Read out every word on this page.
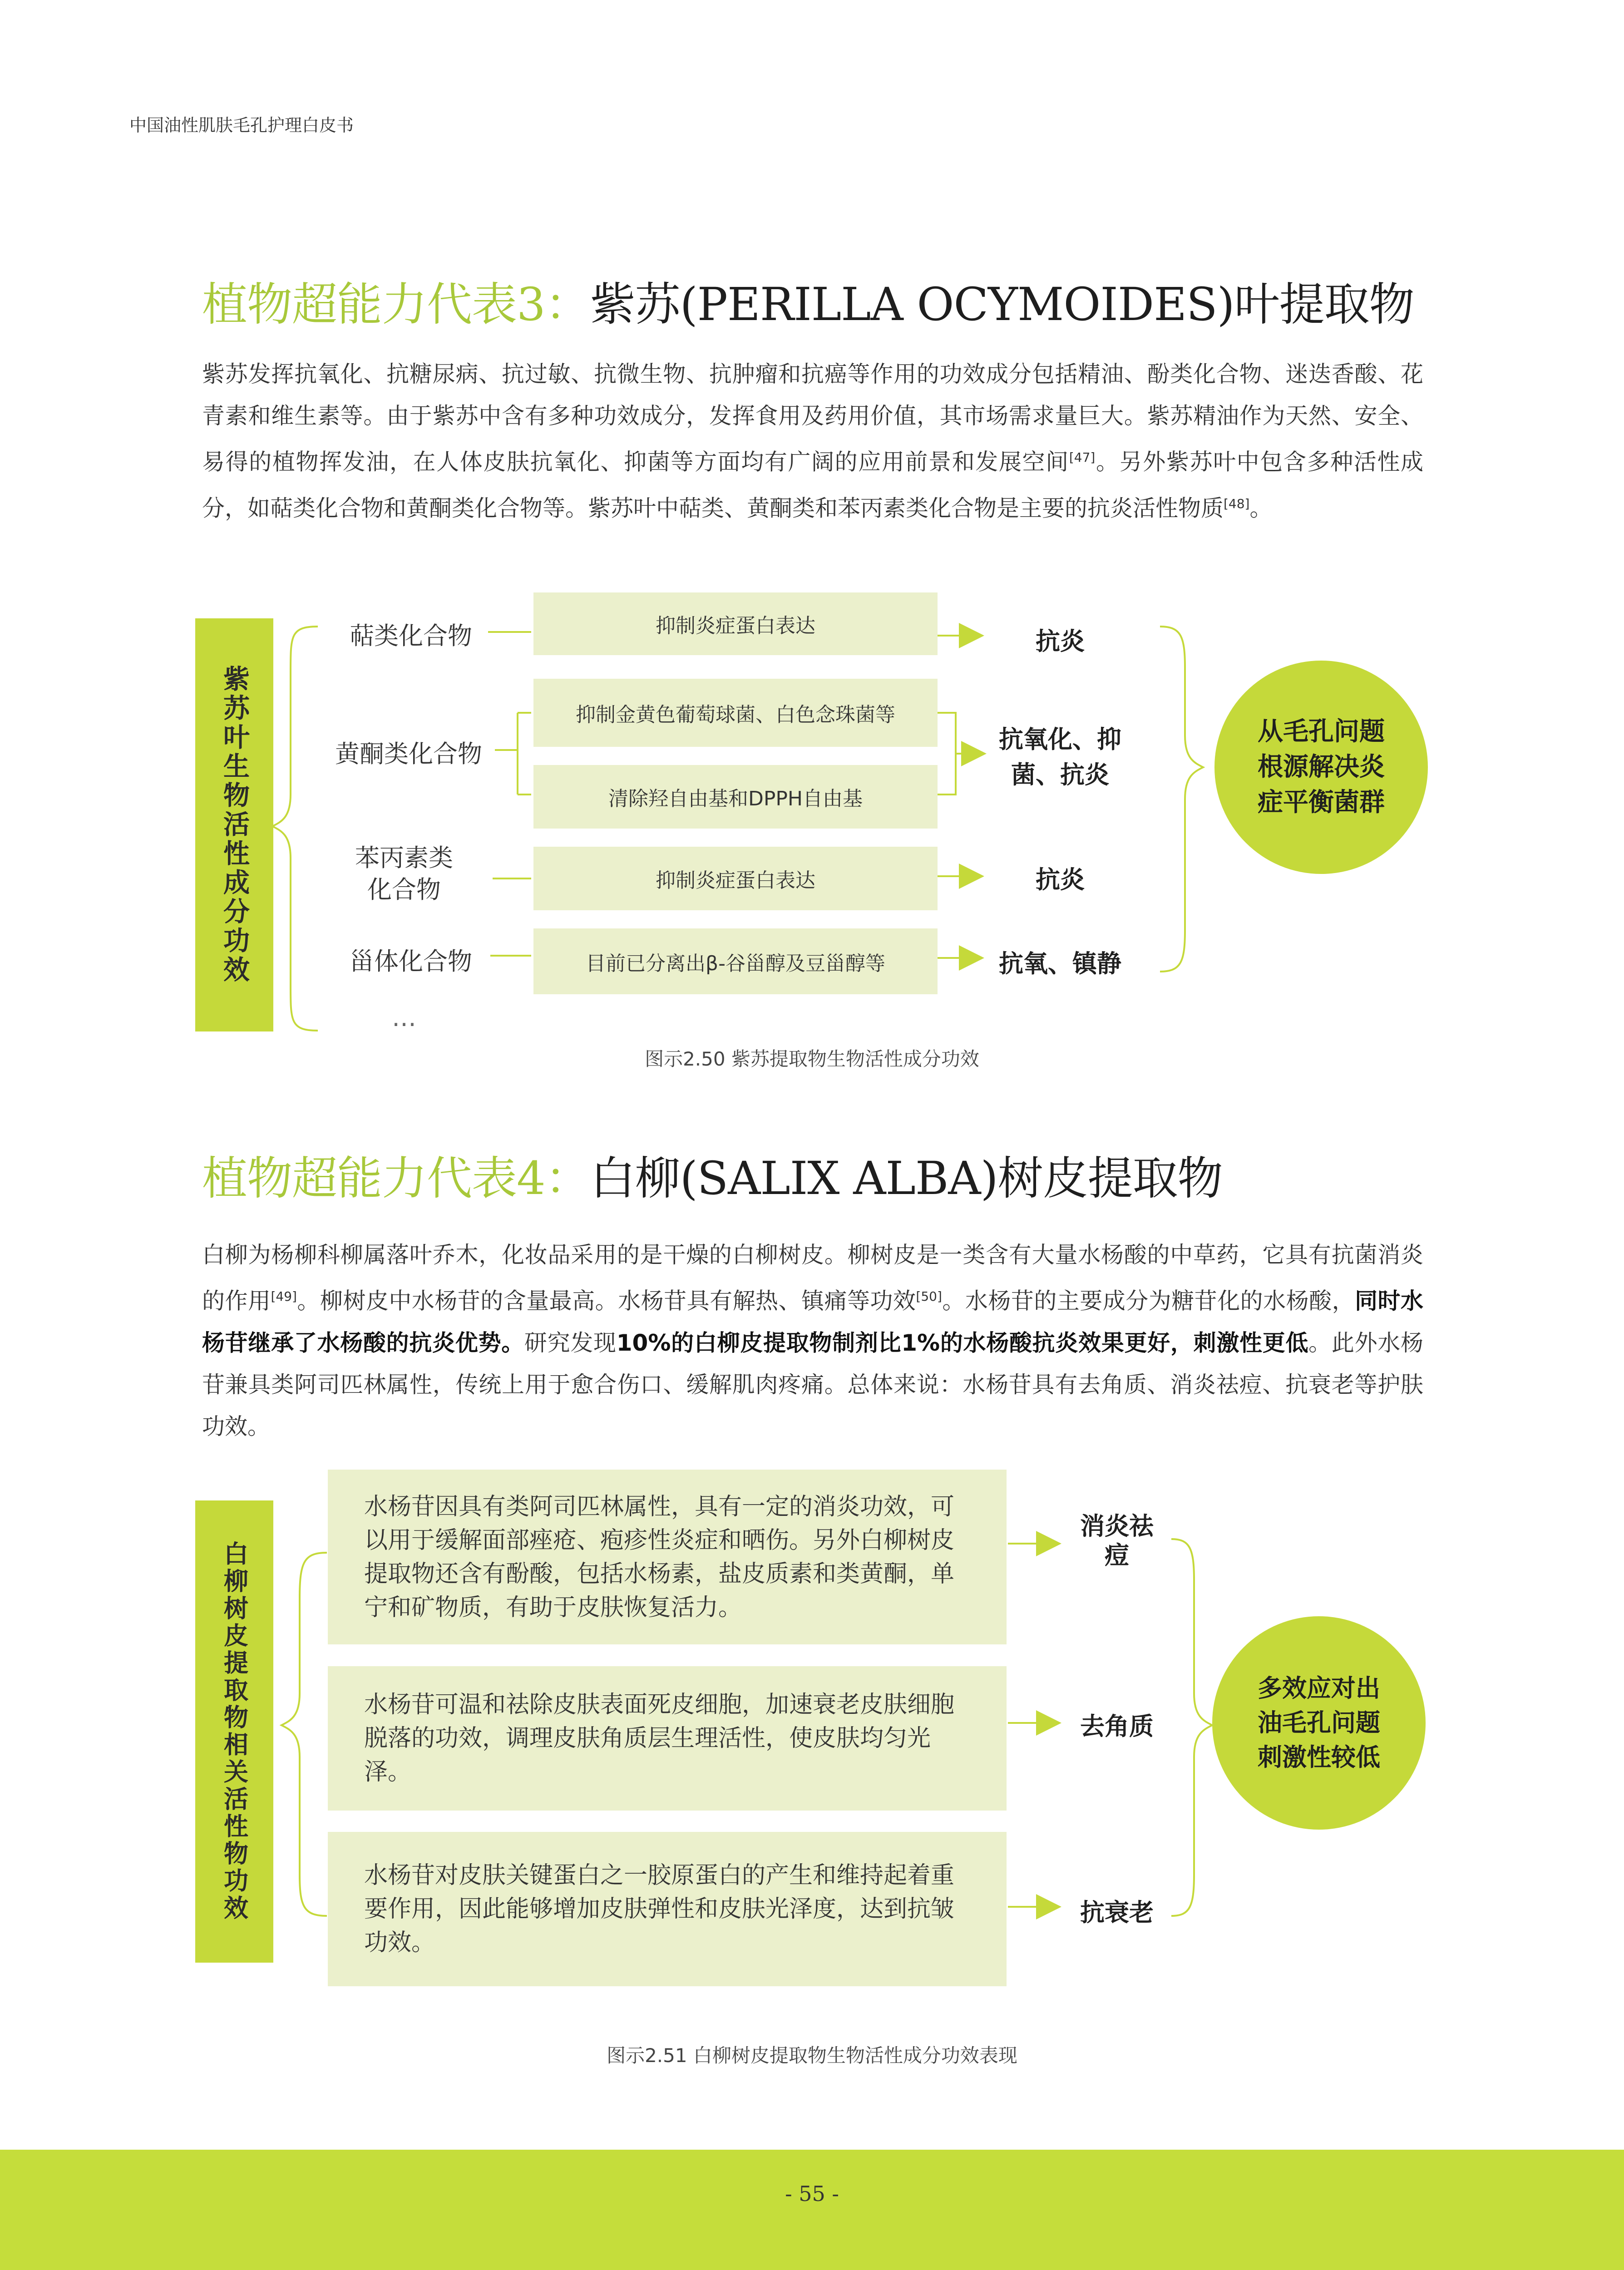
中国油性肌肤毛孔护理白皮书
植物超能力代表3：紫苏(PERILLA OCYMOIDES)叶提取物

紫苏发挥抗氧化、抗糖尿病、抗过敏、抗微生物、抗肿瘤和抗癌等作用的功效成分包括精油、酚类化合物、迷迭香酸、花青素和维生素等。由于紫苏中含有多种功效成分，发挥食用及药用价值，其市场需求量巨大。紫苏精油作为天然、安全、易得的植物挥发油，在人体皮肤抗氧化、抑菌等方面均有广阔的应用前景和发展空间[47]。另外紫苏叶中包含多种活性成分，如萜类化合物和黄酮类化合物等。紫苏叶中萜类、黄酮类和苯丙素类化合物是主要的抗炎活性物质[48]。

紫苏叶生物活性成分功效
萜类化合物
黄酮类化合物
苯丙素类化合物
甾体化合物
…
抑制炎症蛋白表达
抑制金黄色葡萄球菌、白色念珠菌等
清除羟自由基和DPPH自由基
抑制炎症蛋白表达
目前已分离出β-谷甾醇及豆甾醇等
抗炎
抗氧化、抑菌、抗炎
抗炎
抗氧、镇静
从毛孔问题根源解决炎症平衡菌群
图示2.50 紫苏提取物生物活性成分功效
植物超能力代表4：白柳(SALIX ALBA)树皮提取物

白柳为杨柳科柳属落叶乔木，化妆品采用的是干燥的白柳树皮。柳树皮是一类含有大量水杨酸的中草药，它具有抗菌消炎的作用[49]。柳树皮中水杨苷的含量最高。水杨苷具有解热、镇痛等功效[50]。水杨苷的主要成分为糖苷化的水杨酸，同时水杨苷继承了水杨酸的抗炎优势。研究发现10%的白柳皮提取物制剂比1%的水杨酸抗炎效果更好，刺激性更低。此外水杨苷兼具类阿司匹林属性，传统上用于愈合伤口、缓解肌肉疼痛。总体来说：水杨苷具有去角质、消炎祛痘、抗衰老等护肤功效。

白柳树皮提取物相关活性物功效
水杨苷因具有类阿司匹林属性，具有一定的消炎功效，可以用于缓解面部痤疮、疱疹性炎症和晒伤。另外白柳树皮提取物还含有酚酸，包括水杨素，盐皮质素和类黄酮，单宁和矿物质，有助于皮肤恢复活力。
水杨苷可温和祛除皮肤表面死皮细胞，加速衰老皮肤细胞脱落的功效，调理皮肤角质层生理活性，使皮肤均匀光泽。
水杨苷对皮肤关键蛋白之一胶原蛋白的产生和维持起着重要作用，因此能够增加皮肤弹性和皮肤光泽度，达到抗皱功效。
消炎祛痘
去角质
抗衰老
多效应对出油毛孔问题刺激性较低
图示2.51 白柳树皮提取物生物活性成分功效表现
- 55 -
